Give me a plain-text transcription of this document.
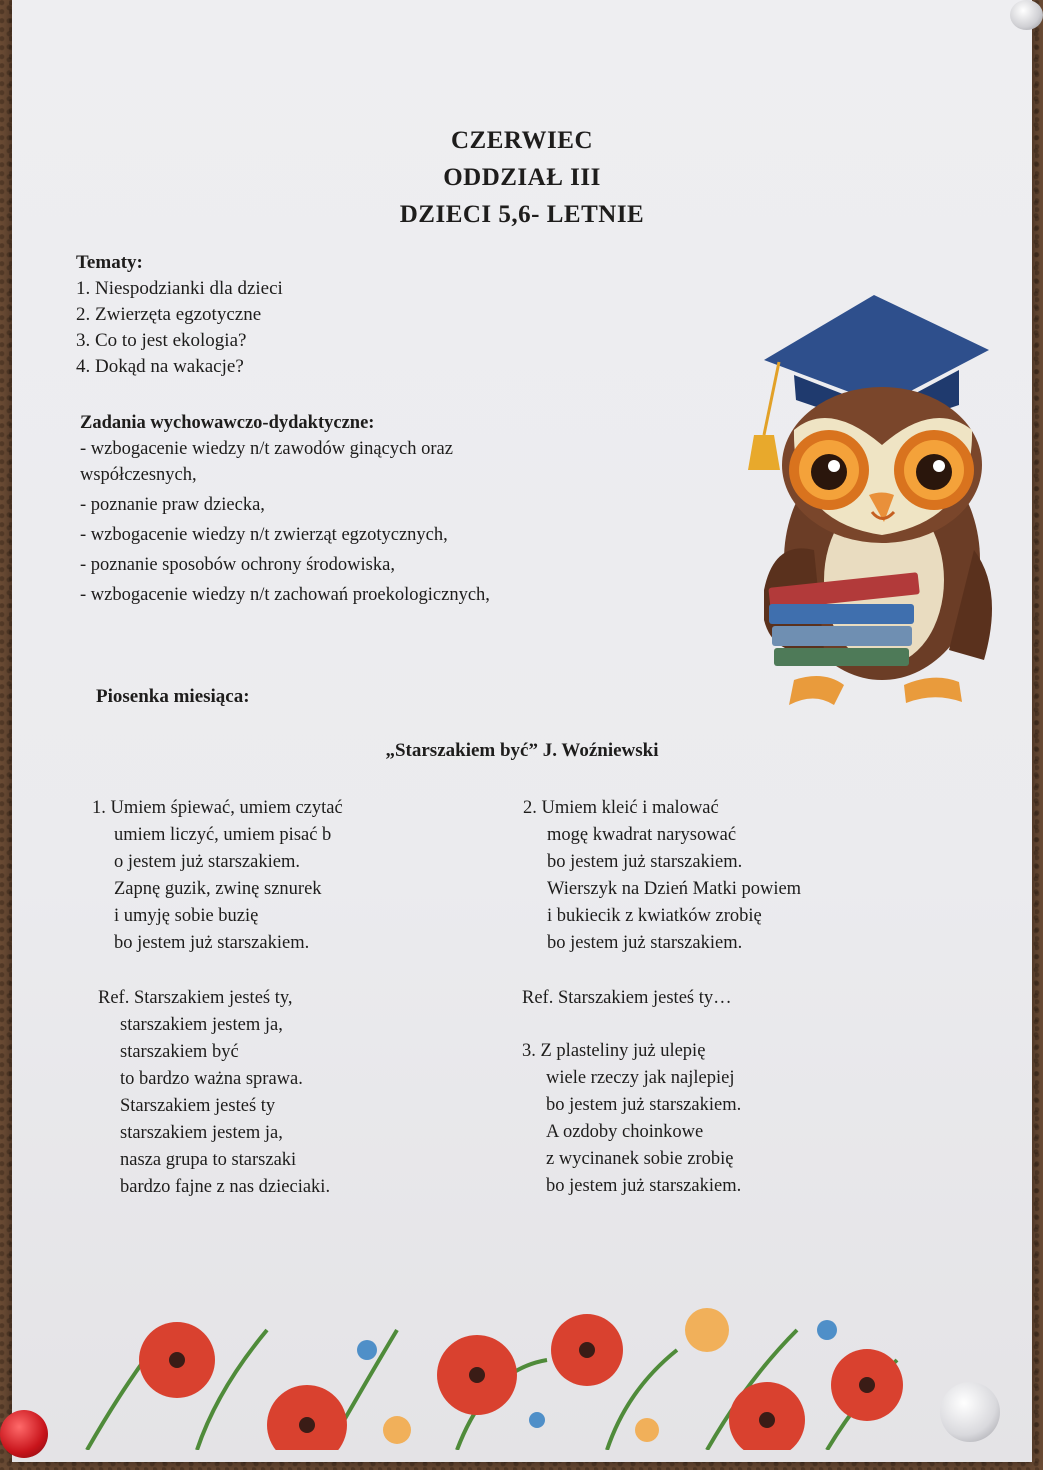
CZERWIEC
ODDZIAŁ III
DZIECI 5,6- LETNIE
Tematy:
1. Niespodzianki dla dzieci
2. Zwierzęta egzotyczne
3. Co to jest ekologia?
4. Dokąd na wakacje?
Zadania wychowawczo-dydaktyczne:
- wzbogacenie wiedzy n/t zawodów ginących oraz współczesnych,
- poznanie praw dziecka,
- wzbogacenie wiedzy n/t zwierząt egzotycznych,
- poznanie sposobów ochrony środowiska,
- wzbogacenie wiedzy n/t zachowań proekologicznych,
Piosenka miesiąca:
„Starszakiem być” J. Woźniewski
1. Umiem śpiewać, umiem czytać
umiem liczyć, umiem pisać b
o jestem już starszakiem.
Zapnę guzik, zwinę sznurek
i umyję sobie buzię
bo jestem już starszakiem.
Ref. Starszakiem jesteś ty,
starszakiem jestem ja,
starszakiem być
to bardzo ważna sprawa.
Starszakiem jesteś ty
starszakiem jestem ja,
nasza grupa to starszaki
bardzo fajne z nas dzieciaki.
2. Umiem kleić i malować
mogę kwadrat narysować
bo jestem już starszakiem.
Wierszyk na Dzień Matki powiem
i bukiecik z kwiatków zrobię
bo jestem już starszakiem.
Ref. Starszakiem jesteś ty…
3. Z plasteliny już ulepię
wiele rzeczy jak najlepiej
bo jestem już starszakiem.
A ozdoby choinkowe
z wycinanek sobie zrobię
bo jestem już starszakiem.
